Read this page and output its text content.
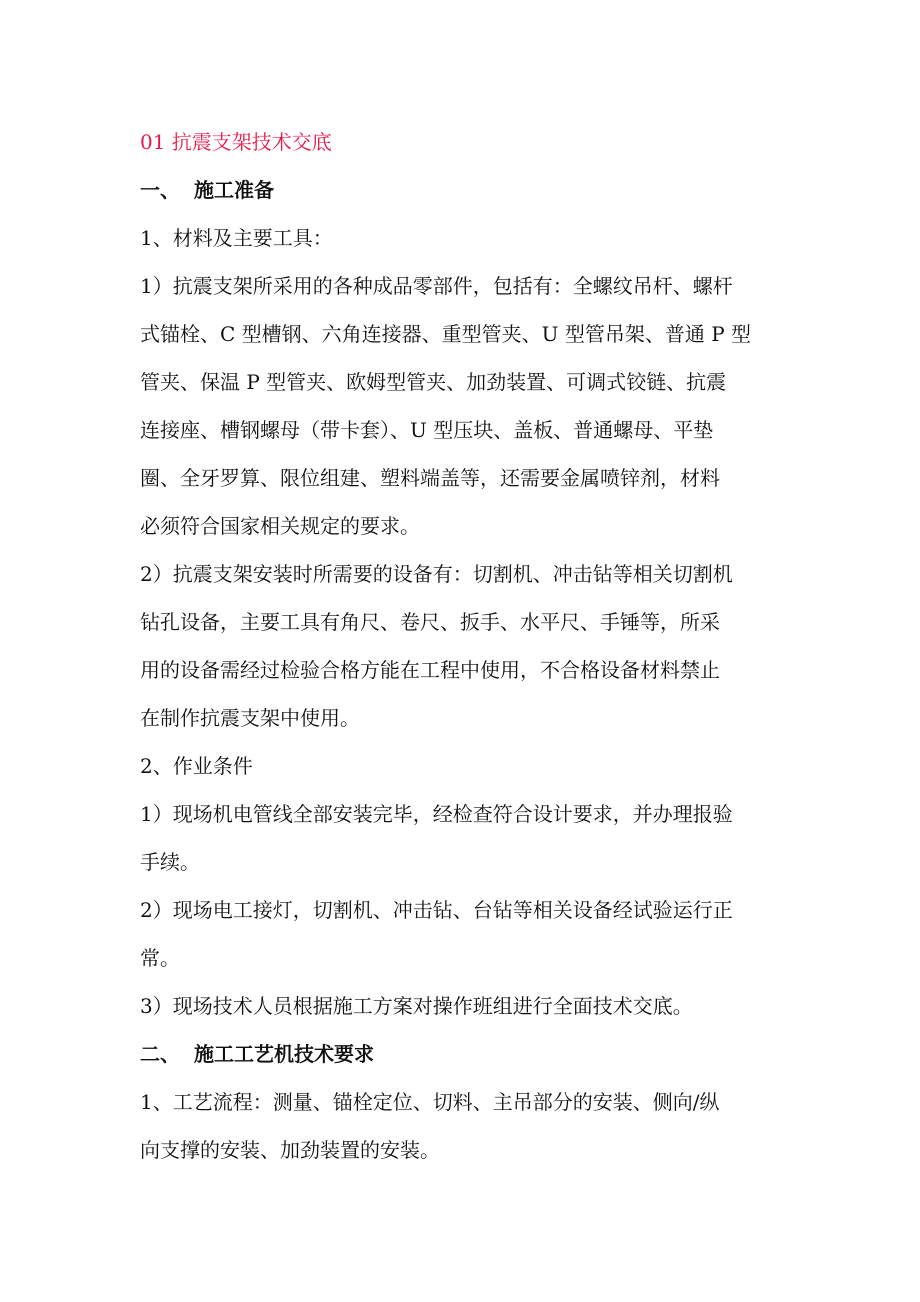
01 抗震支架技术交底

一、 施工准备

1、材料及主要工具：

1）抗震支架所采用的各种成品零部件，包括有：全螺纹吊杆、螺杆

式锚栓、C 型槽钢、六角连接器、重型管夹、U 型管吊架、普通 P 型

管夹、保温 P 型管夹、欧姆型管夹、加劲装置、可调式铰链、抗震

连接座、槽钢螺母（带卡套）、U 型压块、盖板、普通螺母、平垫

圈、全牙罗算、限位组建、塑料端盖等，还需要金属喷锌剂，材料

必须符合国家相关规定的要求。

2）抗震支架安装时所需要的设备有：切割机、冲击钻等相关切割机

钻孔设备，主要工具有角尺、卷尺、扳手、水平尺、手锤等，所采

用的设备需经过检验合格方能在工程中使用，不合格设备材料禁止

在制作抗震支架中使用。

2、作业条件

1）现场机电管线全部安装完毕，经检查符合设计要求，并办理报验

手续。

2）现场电工接灯，切割机、冲击钻、台钻等相关设备经试验运行正

常。

3）现场技术人员根据施工方案对操作班组进行全面技术交底。

二、 施工工艺机技术要求

1、工艺流程：测量、锚栓定位、切料、主吊部分的安装、侧向/纵

向支撑的安装、加劲装置的安装。
